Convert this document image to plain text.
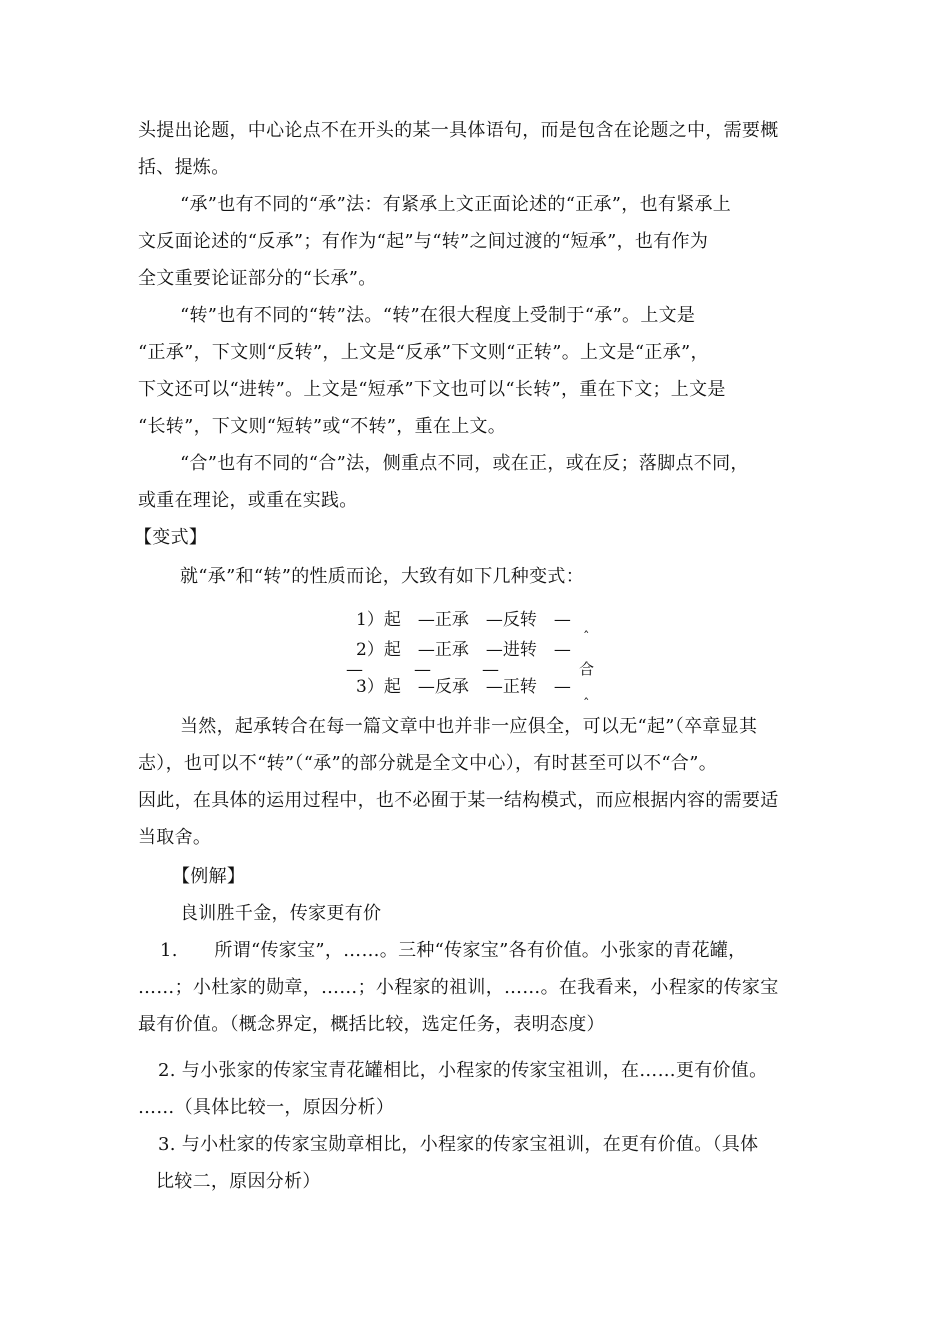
头提出论题，中心论点不在开头的某一具体语句，而是包含在论题之中，需要概
括、提炼。
“承”也有不同的“承”法：有紧承上文正面论述的“正承”，也有紧承上
文反面论述的“反承”；有作为“起”与“转”之间过渡的“短承”，也有作为
全文重要论证部分的“长承”。
“转”也有不同的“转”法。“转”在很大程度上受制于“承”。上文是
“正承”，下文则“反转”，上文是“反承”下文则“正转”。上文是“正承”，
下文还可以“进转”。上文是“短承”下文也可以“长转”，重在下文；上文是
“长转”，下文则“短转”或“不转”，重在上文。
“合”也有不同的“合”法，侧重点不同，或在正，或在反；落脚点不同，
或重在理论，或重在实践。
【变式】
就“承”和“转”的性质而论，大致有如下几种变式：
1）起　—正承　—反转　—
ˆ
2）起　—正承　—进转　—
—　　　—　　　—	合
3）起　—反承　—正转　—
ˆ
当然，起承转合在每一篇文章中也并非一应俱全，可以无“起”（卒章显其
志），也可以不“转”（“承”的部分就是全文中心），有时甚至可以不“合”。
因此，在具体的运用过程中，也不必囿于某一结构模式，而应根据内容的需要适
当取舍。
【例解】
良训胜千金，传家更有价
1.　　所谓“传家宝”，……。三种“传家宝”各有价值。小张家的青花罐，
……；小杜家的勋章，……；小程家的祖训，……。在我看来，小程家的传家宝
最有价值。（概念界定，概括比较，选定任务，表明态度）
2. 与小张家的传家宝青花罐相比，小程家的传家宝祖训，在……更有价值。
……（具体比较一，原因分析）
3. 与小杜家的传家宝勋章相比，小程家的传家宝祖训，在更有价值。（具体
比较二，原因分析）
